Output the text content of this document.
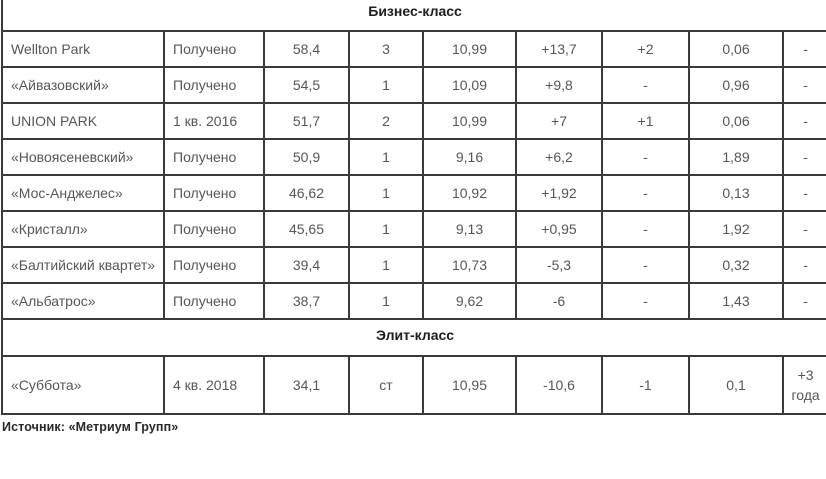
Бизнес-класс								
Wellton Park	Получено	58,4	3	10,99	+13,7	+2	0,06	-
«Айвазовский»	Получено	54,5	1	10,09	+9,8	-	0,96	-
UNION PARK	1 кв. 2016	51,7	2	10,99	+7	+1	0,06	-
«Новоясеневский»	Получено	50,9	1	9,16	+6,2	-	1,89	-
«Мос-Анджелес»	Получено	46,62	1	10,92	+1,92	-	0,13	-
«Кристалл»	Получено	45,65	1	9,13	+0,95	-	1,92	-
«Балтийский квартет»	Получено	39,4	1	10,73	-5,3	-	0,32	-
«Альбатрос»	Получено	38,7	1	9,62	-6	-	1,43	-
Элит-класс								
«Суббота»	4 кв. 2018	34,1	ст	10,95	-10,6	-1	0,1	+3 года
Источник: «Метриум Групп»
